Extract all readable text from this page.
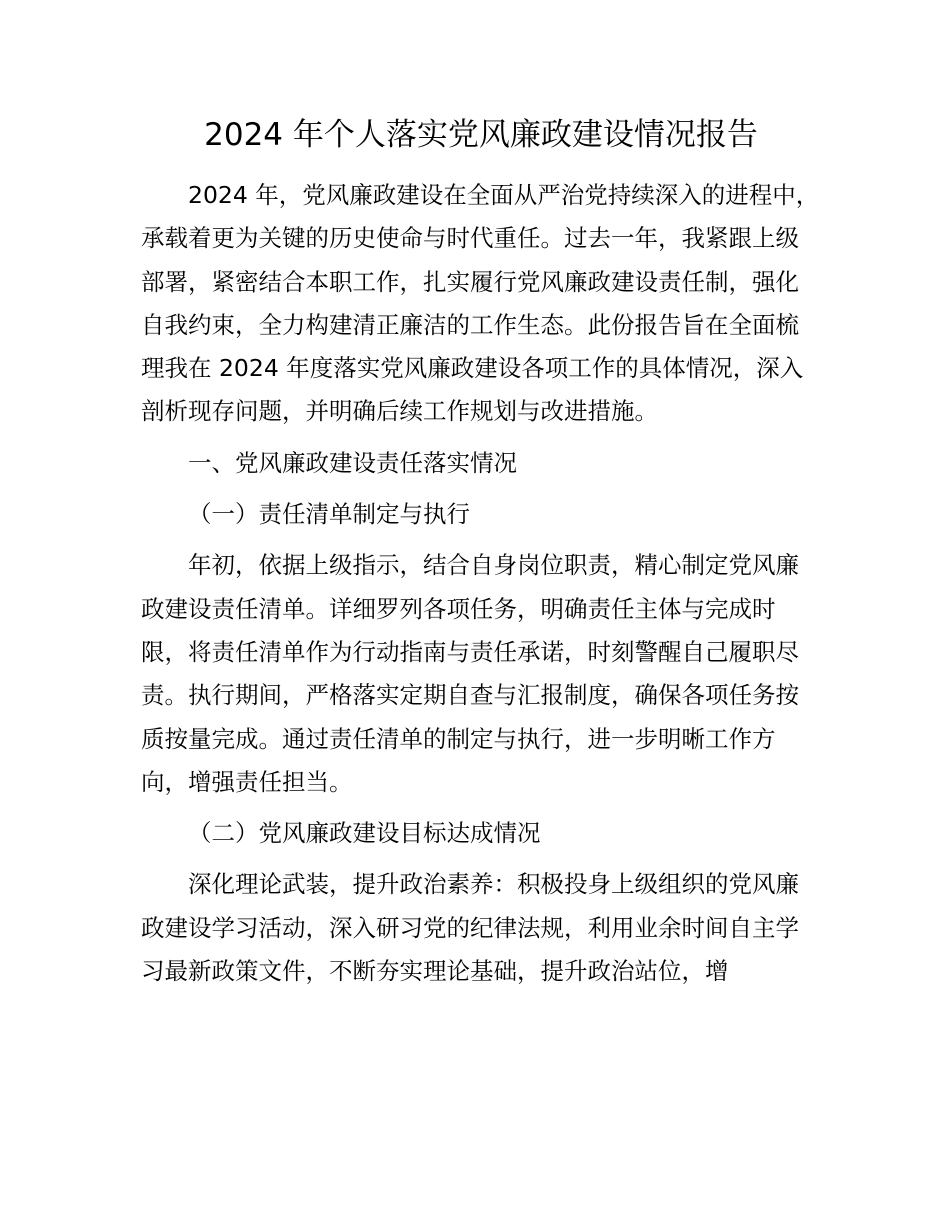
2024 年个人落实党风廉政建设情况报告

2024 年，党风廉政建设在全面从严治党持续深入的进程中，承载着更为关键的历史使命与时代重任。过去一年，我紧跟上级部署，紧密结合本职工作，扎实履行党风廉政建设责任制，强化自我约束，全力构建清正廉洁的工作生态。此份报告旨在全面梳理我在 2024 年度落实党风廉政建设各项工作的具体情况，深入剖析现存问题，并明确后续工作规划与改进措施。

一、党风廉政建设责任落实情况

（一）责任清单制定与执行

年初，依据上级指示，结合自身岗位职责，精心制定党风廉政建设责任清单。详细罗列各项任务，明确责任主体与完成时限，将责任清单作为行动指南与责任承诺，时刻警醒自己履职尽责。执行期间，严格落实定期自查与汇报制度，确保各项任务按质按量完成。通过责任清单的制定与执行，进一步明晰工作方向，增强责任担当。

（二）党风廉政建设目标达成情况

深化理论武装，提升政治素养：积极投身上级组织的党风廉政建设学习活动，深入研习党的纪律法规，利用业余时间自主学习最新政策文件，不断夯实理论基础，提升政治站位，增
